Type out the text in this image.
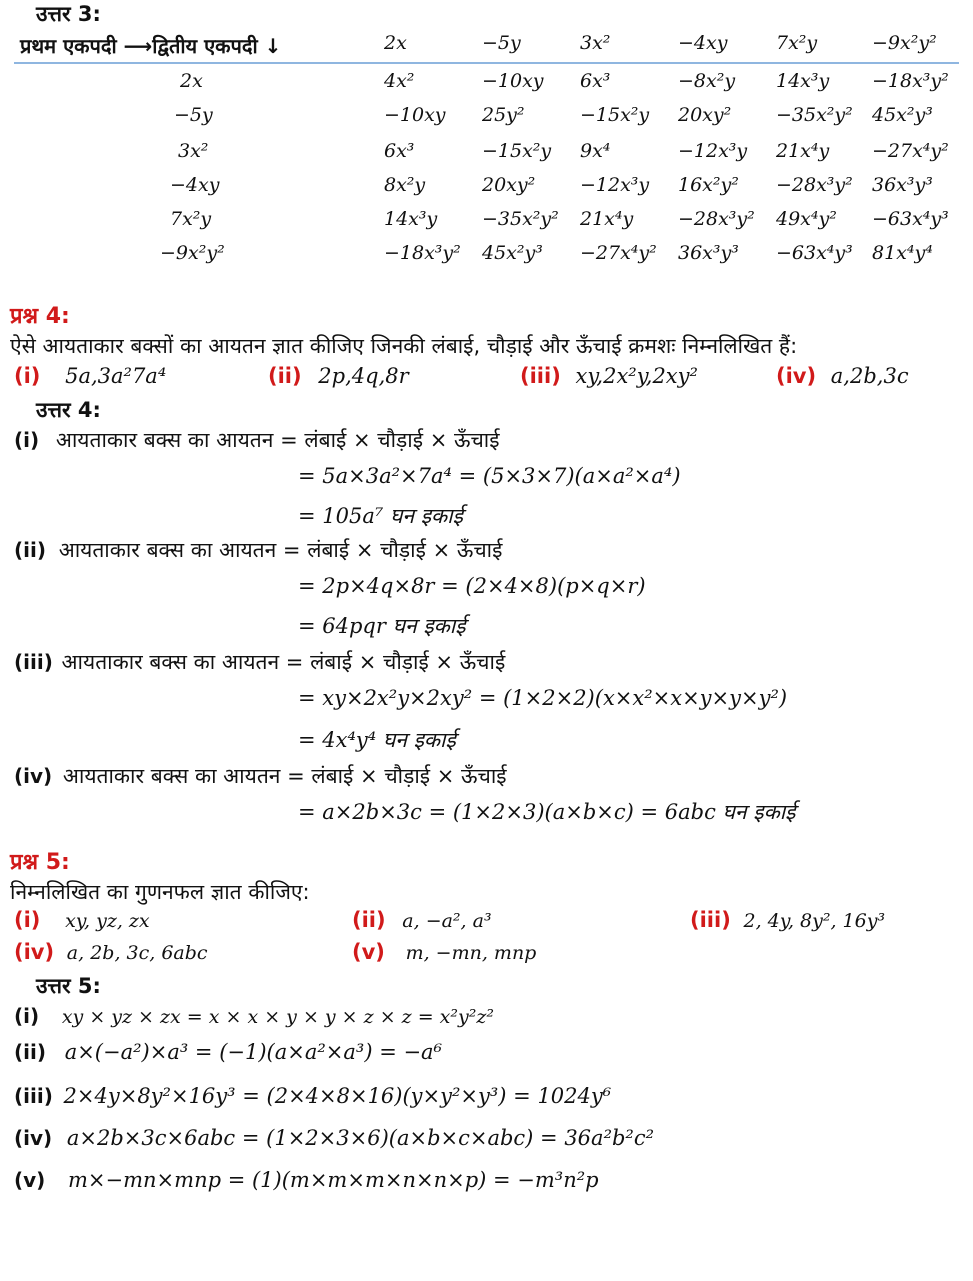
उत्तर 3:
प्रथम एकपदी ⟶द्वितीय एकपदी ↓	2x	−5y	3x²	−4xy	7x²y	−9x²y²
2x	4x²	−10xy 6x³	−8x²y 14x³y −18x³y²
−5y	−10xy 25y²	−15x²y 20xy² −35x²y² 45x²y³
3x²	6x³	−15x²y 9x⁴	−12x³y 21x⁴y −27x⁴y²
−4xy	8x²y	20xy² −12x³y 16x²y² −28x³y² 36x³y³
7x²y	14x³y −35x²y² 21x⁴y −28x³y² 49x⁴y² −63x⁴y³
−9x²y²	−18x³y² 45x²y³ −27x⁴y² 36x³y³ −63x⁴y³ 81x⁴y⁴
प्रश्न 4:
ऐसे आयताकार बक्सों का आयतन ज्ञात कीजिए जिनकी लंबाई, चौड़ाई और ऊँचाई क्रमशः निम्नलिखित हैं:
(i) 5a,3a²7a⁴	(ii) 2p,4q,8r	(iii) xy,2x²y,2xy²	(iv) a,2b,3c
उत्तर 4:
(i) आयताकार बक्स का आयतन = लंबाई × चौड़ाई × ऊँचाई
= 5a×3a²×7a⁴ = (5×3×7)(a×a²×a⁴)
= 105a⁷ घन इकाई
(ii) आयताकार बक्स का आयतन = लंबाई × चौड़ाई × ऊँचाई
= 2p×4q×8r = (2×4×8)(p×q×r)
= 64pqr घन इकाई
(iii) आयताकार बक्स का आयतन = लंबाई × चौड़ाई × ऊँचाई
= xy×2x²y×2xy² = (1×2×2)(x×x²×x×y×y×y²)
= 4x⁴y⁴ घन इकाई
(iv) आयताकार बक्स का आयतन = लंबाई × चौड़ाई × ऊँचाई
= a×2b×3c = (1×2×3)(a×b×c) = 6abc घन इकाई
प्रश्न 5:
निम्नलिखित का गुणनफल ज्ञात कीजिए:
(i) xy, yz, zx	(ii) a, −a², a³	(iii) 2, 4y, 8y², 16y³
(iv) a, 2b, 3c, 6abc	(v) m, −mn, mnp
उत्तर 5:
(i) xy × yz × zx = x × x × y × y × z × z = x²y²z²
(ii) a×(−a²)×a³ = (−1)(a×a²×a³) = −a⁶
(iii) 2×4y×8y²×16y³ = (2×4×8×16)(y×y²×y³) = 1024y⁶
(iv) a×2b×3c×6abc = (1×2×3×6)(a×b×c×abc) = 36a²b²c²
(v) m×−mn×mnp = (1)(m×m×m×n×n×p) = −m³n²p
